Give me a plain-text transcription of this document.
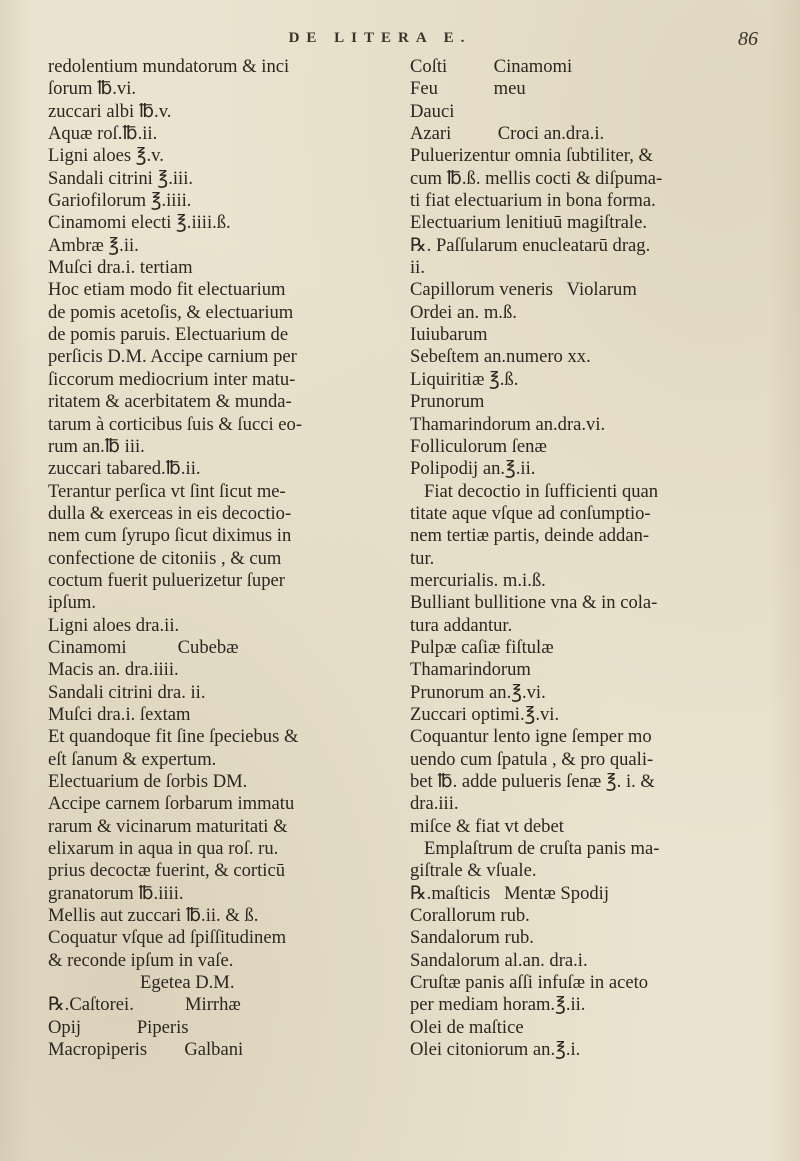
DE LITERA E.	86
redolentium mundatorum & inci
ſorum ℔.vi.
zuccari albi ℔.v.
Aquæ roſ.℔.ii.
Ligni aloes ℥.v.
Sandali citrini ℥.iii.
Gariofilorum ℥.iiii.
Cinamomi electi ℥.iiii.ß.
Ambræ ℥.ii.
Muſci dra.i. tertiam
Hoc etiam modo fit electuarium
de pomis acetoſis, & electuarium
de pomis paruis. Electuarium de
perſicis D.M. Accipe carnium per
ſiccorum mediocrium inter matu-
ritatem & acerbitatem & munda-
tarum à corticibus ſuis & ſucci eo-
rum an.℔ iii.
zuccari tabared.℔.ii.
Terantur perſica vt ſint ſicut me-
dulla & exerceas in eis decoctio-
nem cum ſyrupo ſicut diximus in
confectione de citoniis , & cum
coctum fuerit puluerizetur ſuper
ipſum.
Ligni aloes dra.ii.
Cinamomi           Cubebæ
Macis an. dra.iiii.
Sandali citrini dra. ii.
Muſci dra.i. ſextam
Et quandoque fit ſine ſpeciebus &
eſt ſanum & expertum.
Electuarium de ſorbis DM.
Accipe carnem ſorbarum immatu
rarum & vicinarum maturitati &
elixarum in aqua in qua roſ. ru.
prius decoctæ fuerint, & corticū
granatorum ℔.iiii.
Mellis aut zuccari ℔.ii. & ß.
Coquatur vſque ad ſpiſſitudinem
& reconde ipſum in vaſe.
Egetea D.M.
℞.Caſtorei.           Mirrhæ
Opij            Piperis
Macropiperis        Galbani
Coſti          Cinamomi
Feu            meu
Dauci
Azari          Croci an.dra.i.
Puluerizentur omnia ſubtiliter, &
cum ℔.ß. mellis cocti & diſpuma-
ti fiat electuarium in bona forma.
Electuarium lenitiuū magiſtrale.
℞. Paſſularum enucleatarū drag.
ii.
Capillorum veneris   Violarum
Ordei an. m.ß.
Iuiubarum
Sebeſtem an.numero xx.
Liquiritiæ ℥.ß.
Prunorum
Thamarindorum an.dra.vi.
Folliculorum ſenæ
Polipodij an.℥.ii.
Fiat decoctio in ſufficienti quan
titate aque vſque ad conſumptio-
nem tertiæ partis, deinde addan-
tur.
mercurialis. m.i.ß.
Bulliant bullitione vna & in cola-
tura addantur.
Pulpæ caſiæ fiſtulæ
Thamarindorum
Prunorum an.℥.vi.
Zuccari optimi.℥.vi.
Coquantur lento igne ſemper mo
uendo cum ſpatula , & pro quali-
bet ℔. adde pulueris ſenæ ℥. i. &
dra.iii.
miſce & fiat vt debet
Emplaſtrum de cruſta panis ma-
giſtrale & vſuale.
℞.maſticis   Mentæ Spodij
Corallorum rub.
Sandalorum rub.
Sandalorum al.an. dra.i.
Cruſtæ panis aſſi infuſæ in aceto
per mediam horam.℥.ii.
Olei de maſtice
Olei citoniorum an.℥.i.
